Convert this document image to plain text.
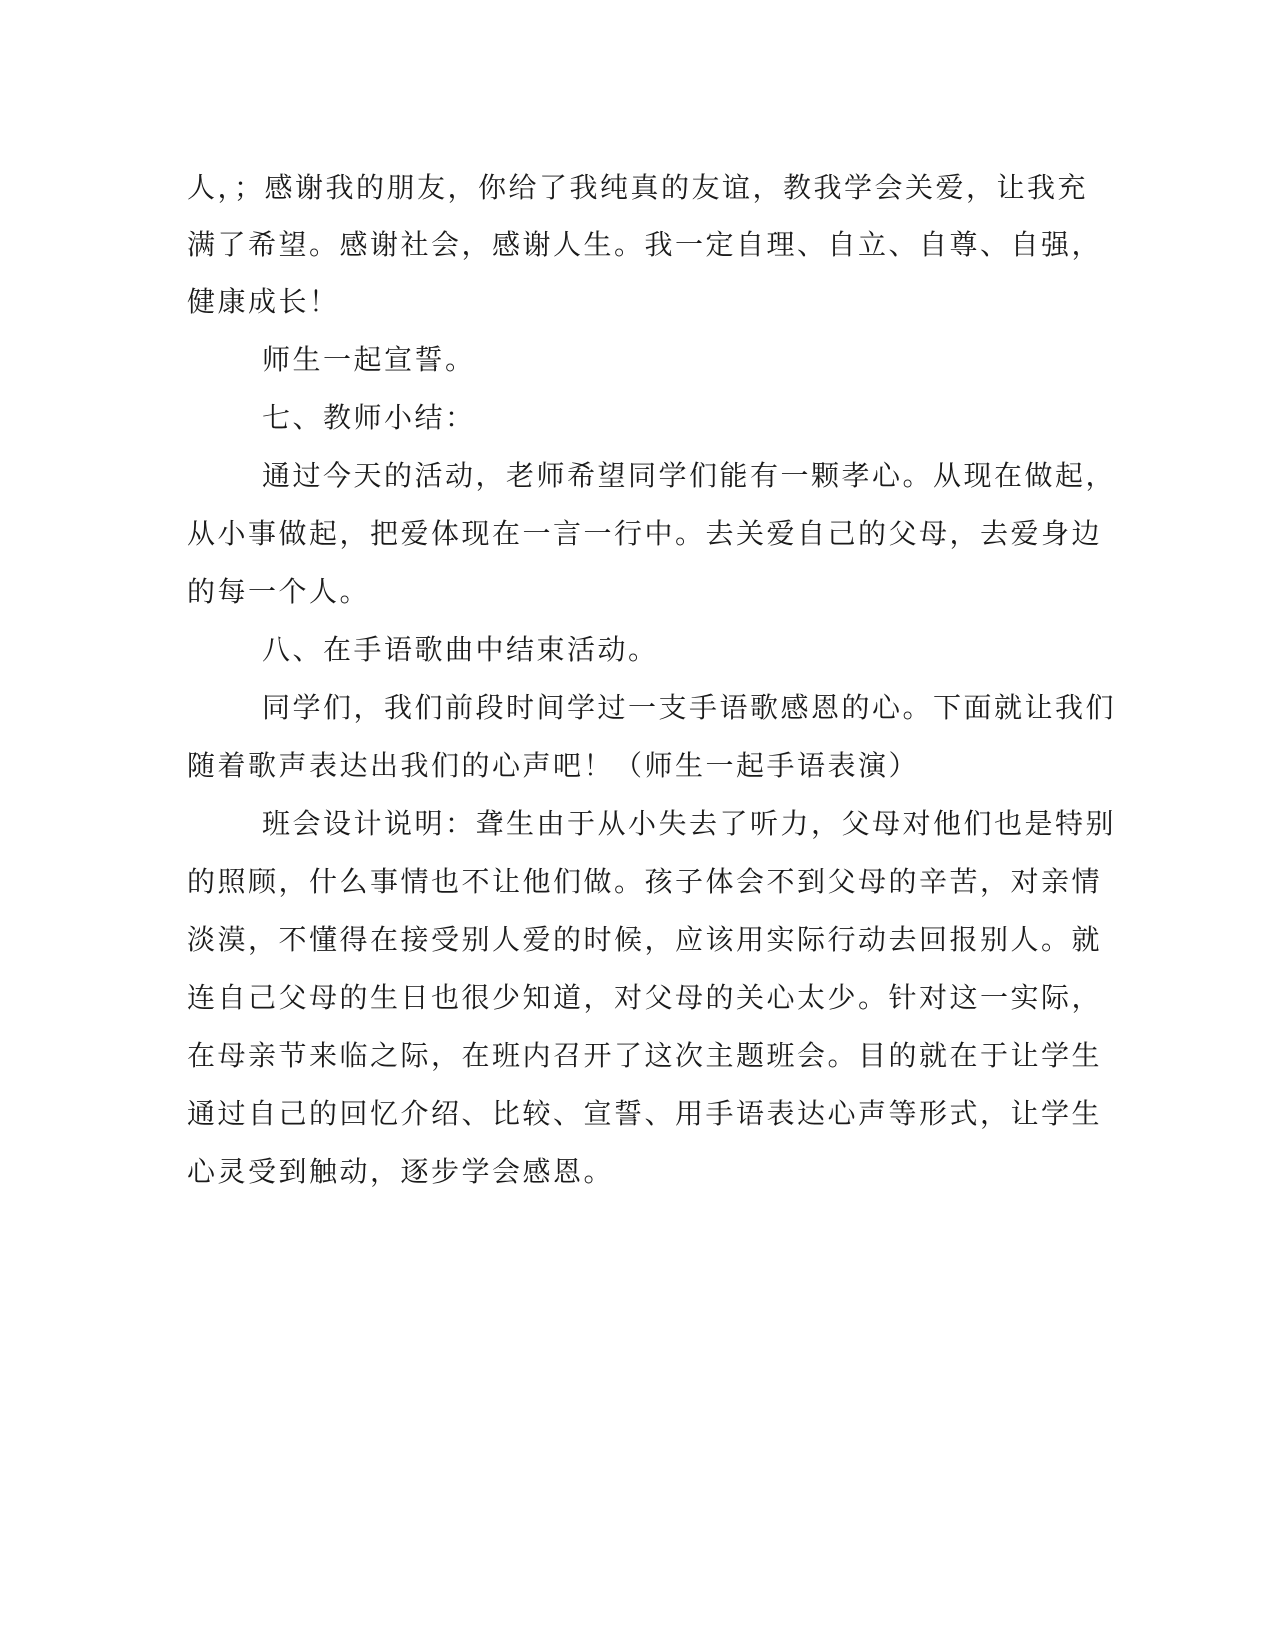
人，；感谢我的朋友，你给了我纯真的友谊，教我学会关爱，让我充
满了希望。感谢社会，感谢人生。我一定自理、自立、自尊、自强，
健康成长！
师生一起宣誓。
七、教师小结：
通过今天的活动，老师希望同学们能有一颗孝心。从现在做起，
从小事做起，把爱体现在一言一行中。去关爱自己的父母，去爱身边
的每一个人。
八、在手语歌曲中结束活动。
同学们，我们前段时间学过一支手语歌感恩的心。下面就让我们
随着歌声表达出我们的心声吧！（师生一起手语表演）
班会设计说明：聋生由于从小失去了听力，父母对他们也是特别
的照顾，什么事情也不让他们做。孩子体会不到父母的辛苦，对亲情
淡漠，不懂得在接受别人爱的时候，应该用实际行动去回报别人。就
连自己父母的生日也很少知道，对父母的关心太少。针对这一实际，
在母亲节来临之际，在班内召开了这次主题班会。目的就在于让学生
通过自己的回忆介绍、比较、宣誓、用手语表达心声等形式，让学生
心灵受到触动，逐步学会感恩。
